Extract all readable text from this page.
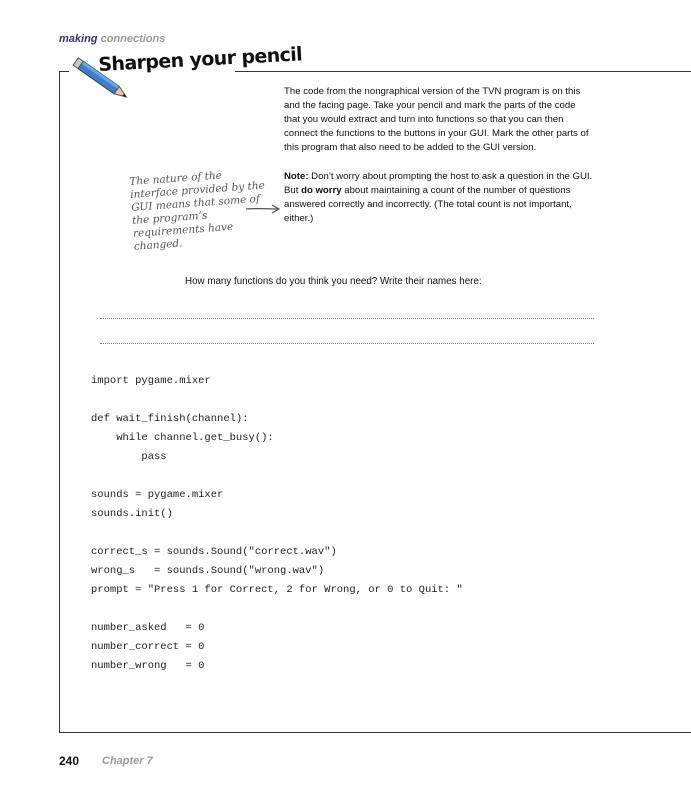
making connections
Sharpen your pencil
The code from the nongraphical version of the TVN program is on this and the facing page. Take your pencil and mark the parts of the code that you would extract and turn into functions so that you can then connect the functions to the buttons in your GUI. Mark the other parts of this program that also need to be added to the GUI version.
Note: Don’t worry about prompting the host to ask a question in the GUI. But do worry about maintaining a count of the number of questions answered correctly and incorrectly. (The total count is not important, either.)
The nature of the interface provided by the GUI means that some of the program’s requirements have changed.
How many functions do you think you need? Write their names here:
import pygame.mixer
def wait_finish(channel):
while channel.get_busy():
pass
sounds = pygame.mixer
sounds.init()
correct_s = sounds.Sound("correct.wav")
wrong_s   = sounds.Sound("wrong.wav")
prompt = "Press 1 for Correct, 2 for Wrong, or 0 to Quit: "
number_asked   = 0
number_correct = 0
number_wrong   = 0
240 Chapter 7
